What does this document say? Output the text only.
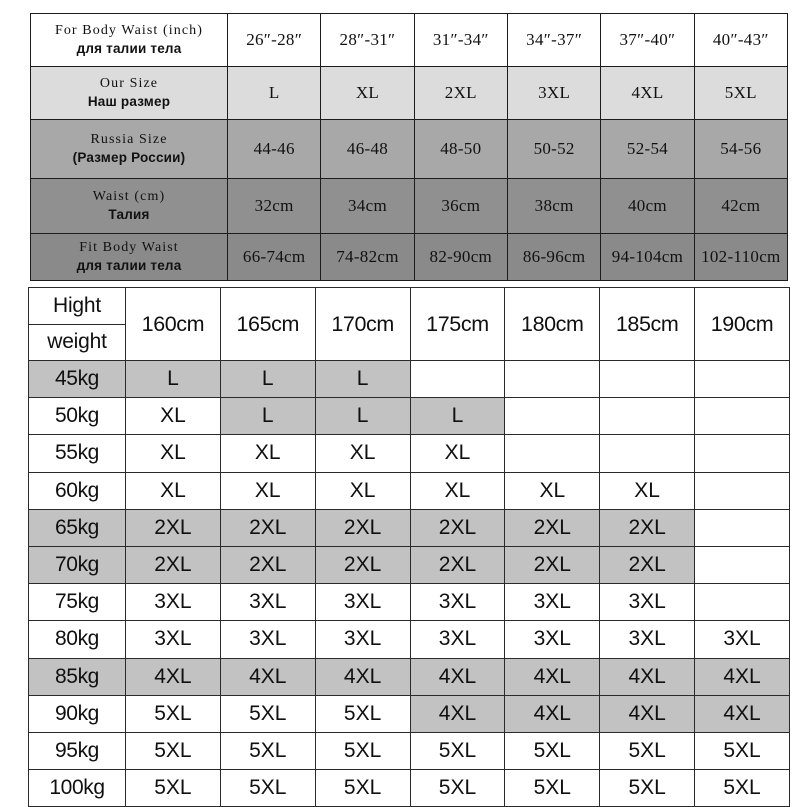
For Body Waist (inch)
для талии тела	26″-28″	28″-31″	31″-34″	34″-37″	37″-40″	40″-43″

Our Size
Наш размер	L	XL	2XL	3XL	4XL	5XL

Russia Size
(Размер России)	44-46	46-48	48-50	50-52	52-54	54-56

Waist (cm)
Талия	32cm	34cm	36cm	38cm	40cm	42cm

Fit Body Waist
для талии тела	66-74cm	74-82cm	82-90cm	86-96cm	94-104cm	102-110cm
Hight
weight	160cm	165cm	170cm	175cm	180cm	185cm	190cm
45kg	L	L	L				
50kg	XL	L	L	L			
55kg	XL	XL	XL	XL			
60kg	XL	XL	XL	XL	XL	XL	
65kg	2XL	2XL	2XL	2XL	2XL	2XL	
70kg	2XL	2XL	2XL	2XL	2XL	2XL	
75kg	3XL	3XL	3XL	3XL	3XL	3XL	
80kg	3XL	3XL	3XL	3XL	3XL	3XL	3XL
85kg	4XL	4XL	4XL	4XL	4XL	4XL	4XL
90kg	5XL	5XL	5XL	4XL	4XL	4XL	4XL
95kg	5XL	5XL	5XL	5XL	5XL	5XL	5XL
100kg	5XL	5XL	5XL	5XL	5XL	5XL	5XL
